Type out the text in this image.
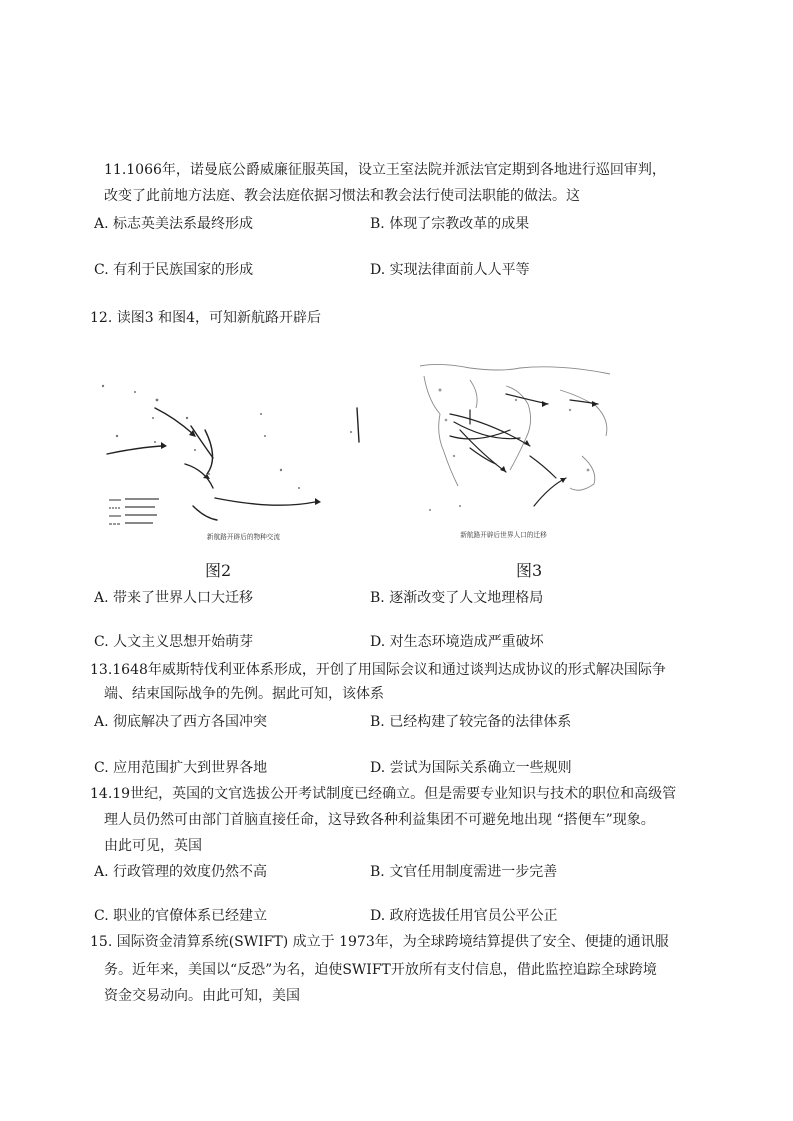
11.1066年，诺曼底公爵威廉征服英国，设立王室法院并派法官定期到各地进行巡回审判，
改变了此前地方法庭、教会法庭依据习惯法和教会法行使司法职能的做法。这
A. 标志英美法系最终形成	B. 体现了宗教改革的成果
C. 有利于民族国家的形成	D. 实现法律面前人人平等
12. 读图3 和图4，可知新航路开辟后
新航路开辟后的物种交流
图2
新航路开辟后世界人口的迁移
图3
A. 带来了世界人口大迁移	B. 逐渐改变了人文地理格局
C. 人文主义思想开始萌芽	D. 对生态环境造成严重破坏
13.1648年威斯特伐利亚体系形成，开创了用国际会议和通过谈判达成协议的形式解决国际争
端、结束国际战争的先例。据此可知，该体系
A. 彻底解决了西方各国冲突	B. 已经构建了较完备的法律体系
C. 应用范围扩大到世界各地	D. 尝试为国际关系确立一些规则
14.19世纪，英国的文官选拔公开考试制度已经确立。但是需要专业知识与技术的职位和高级管
理人员仍然可由部门首脑直接任命，这导致各种利益集团不可避免地出现 “搭便车”现象。
由此可见，英国
A. 行政管理的效度仍然不高	B. 文官任用制度需进一步完善
C. 职业的官僚体系已经建立	D. 政府选拔任用官员公平公正
15. 国际资金清算系统(SWIFT) 成立于 1973年，为全球跨境结算提供了安全、便捷的通讯服
务。近年来，美国以“反恐”为名，迫使SWIFT开放所有支付信息，借此监控追踪全球跨境
资金交易动向。由此可知，美国
